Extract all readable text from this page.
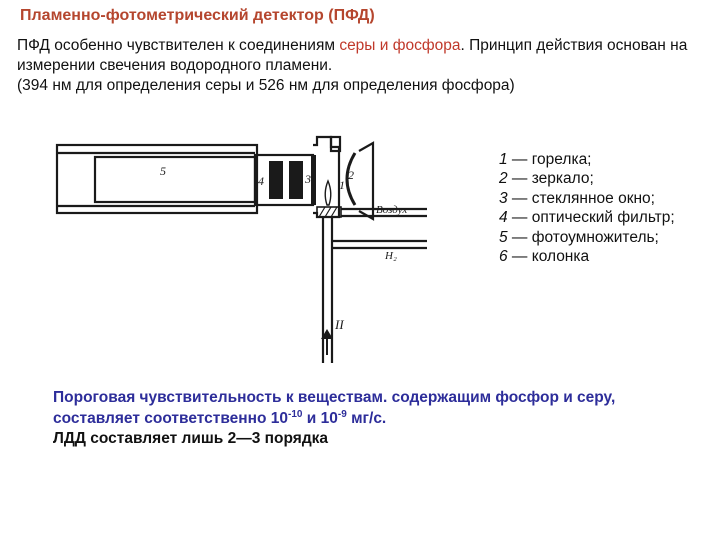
Пламенно-фотометрический детектор (ПФД)
ПФД особенно чувствителен к соединениям серы и фосфора. Принцип действия основан на измерении свечения водородного пламени.
(394 нм для определения серы и 526 нм для определения фосфора)
5
4	3 1
2
Воздух
H₂
II
1 — горелка;
2 — зеркало;
3 — стеклянное окно;
4 — оптический фильтр;
5 — фотоумножитель;
6 — колонка
Пороговая чувствительность к веществам. содержащим фосфор и серу, составляет соответственно $10^{-10}$ и $10^{-9}$ мг/с.
ЛДД составляет лишь 2—3 порядка
